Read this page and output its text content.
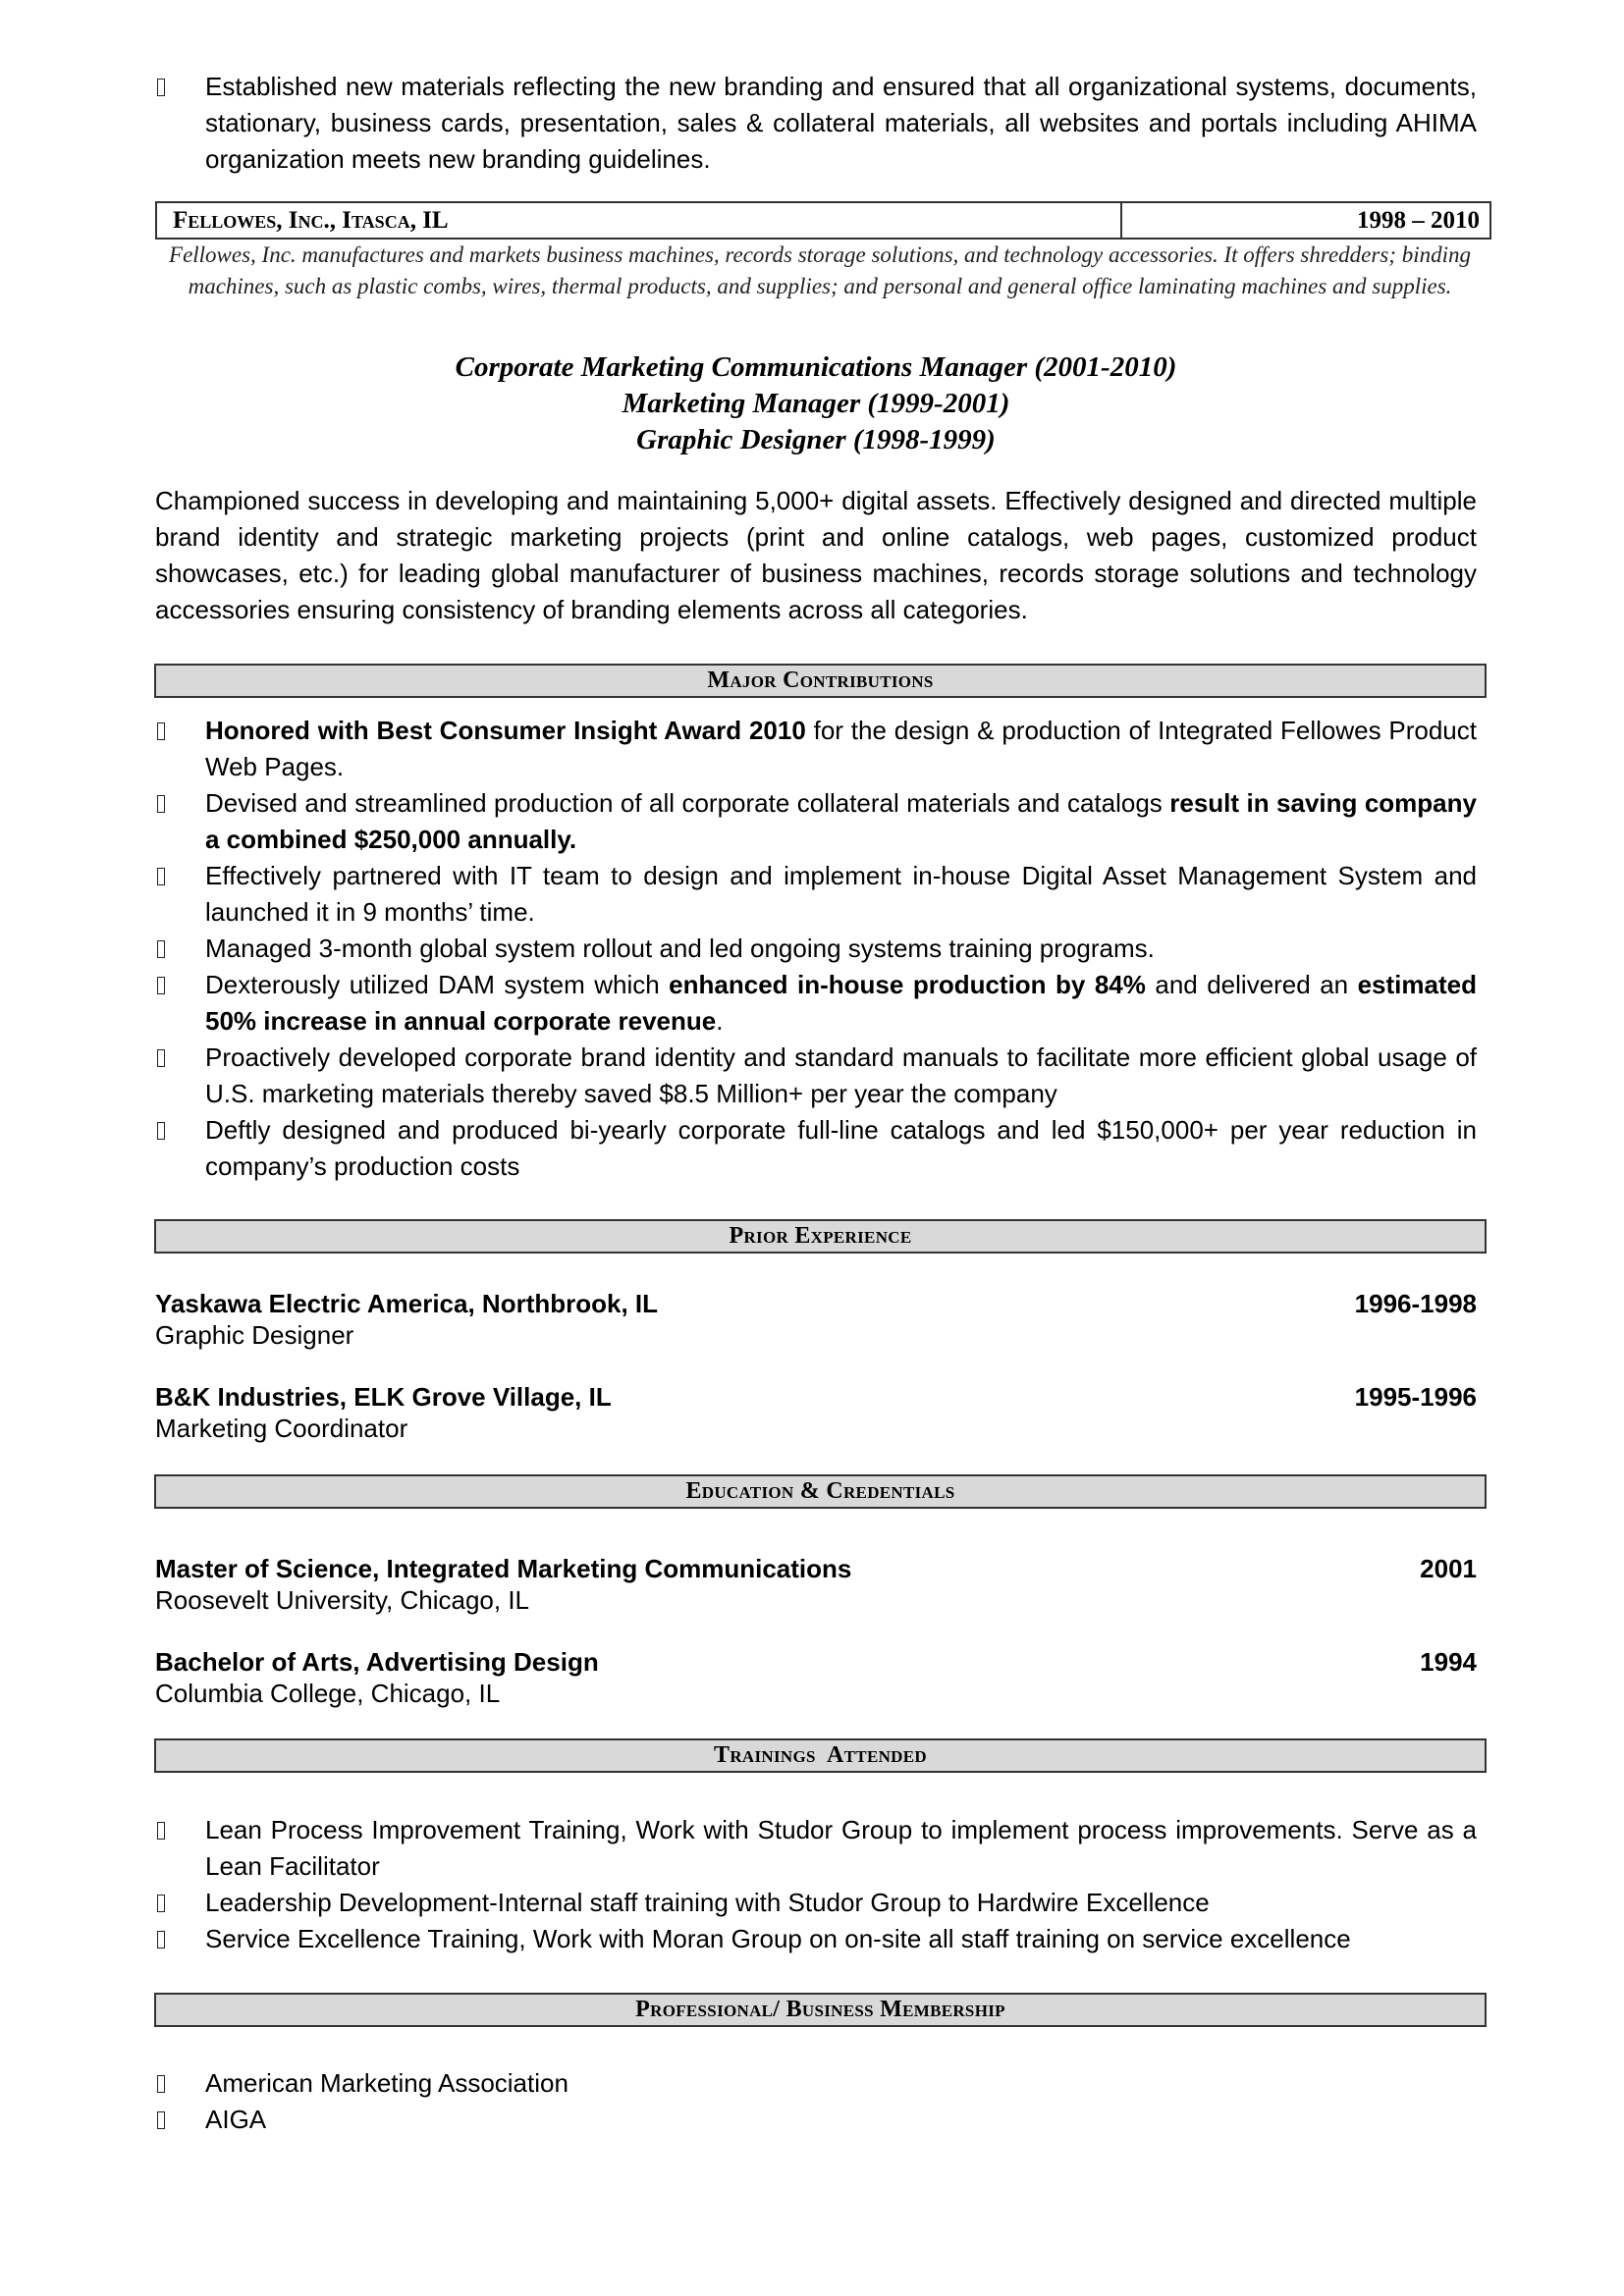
Established new materials reflecting the new branding and ensured that all organizational systems, documents, stationary, business cards, presentation, sales & collateral materials, all websites and portals including AHIMA organization meets new branding guidelines.
Fellowes, Inc., Itasca, IL	1998 – 2010
Fellowes, Inc. manufactures and markets business machines, records storage solutions, and technology accessories. It offers shredders; binding machines, such as plastic combs, wires, thermal products, and supplies; and personal and general office laminating machines and supplies.
Corporate Marketing Communications Manager (2001-2010)
Marketing Manager (1999-2001)
Graphic Designer (1998-1999)
Championed success in developing and maintaining 5,000+ digital assets. Effectively designed and directed multiple brand identity and strategic marketing projects (print and online catalogs, web pages, customized product showcases, etc.) for leading global manufacturer of business machines, records storage solutions and technology accessories ensuring consistency of branding elements across all categories.
Major Contributions
Honored with Best Consumer Insight Award 2010 for the design & production of Integrated Fellowes Product Web Pages.
Devised and streamlined production of all corporate collateral materials and catalogs result in saving company a combined $250,000 annually.
Effectively partnered with IT team to design and implement in-house Digital Asset Management System and launched it in 9 months’ time.
Managed 3-month global system rollout and led ongoing systems training programs.
Dexterously utilized DAM system which enhanced in-house production by 84% and delivered an estimated 50% increase in annual corporate revenue.
Proactively developed corporate brand identity and standard manuals to facilitate more efficient global usage of U.S. marketing materials thereby saved $8.5 Million+ per year the company
Deftly designed and produced bi-yearly corporate full-line catalogs and led $150,000+ per year reduction in company’s production costs
Prior Experience
Yaskawa Electric America, Northbrook, IL	1996-1998
Graphic Designer
B&K Industries, ELK Grove Village, IL	1995-1996
Marketing Coordinator
Education & Credentials
Master of Science, Integrated Marketing Communications	2001
Roosevelt University, Chicago, IL
Bachelor of Arts, Advertising Design	1994
Columbia College, Chicago, IL
Trainings  Attended
Lean Process Improvement Training, Work with Studor Group to implement process improvements. Serve as a Lean Facilitator
Leadership Development-Internal staff training with Studor Group to Hardwire Excellence
Service Excellence Training, Work with Moran Group on on-site all staff training on service excellence
Professional/ Business Membership
American Marketing Association
AIGA
